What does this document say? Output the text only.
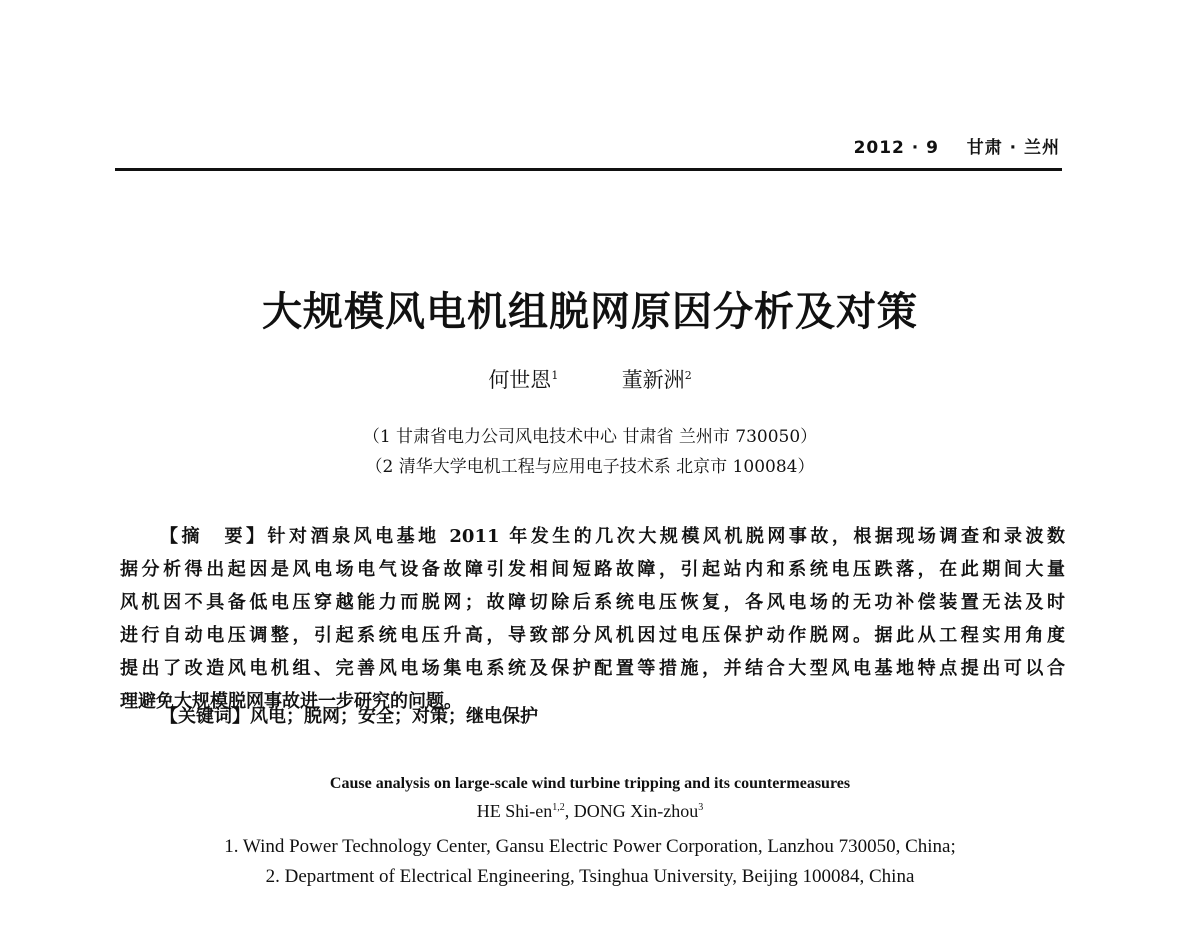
2012 · 9 甘肃 · 兰州
大规模风电机组脱网原因分析及对策
何世恩$^1$	董新洲$^2$
（1 甘肃省电力公司风电技术中心 甘肃省 兰州市 730050）
（2 清华大学电机工程与应用电子技术系 北京市 100084）
【摘　要】针对酒泉风电基地 2011 年发生的几次大规模风机脱网事故，根据现场调查和录波数
据分析得出起因是风电场电气设备故障引发相间短路故障，引起站内和系统电压跌落，在此期间大量
风机因不具备低电压穿越能力而脱网；故障切除后系统电压恢复，各风电场的无功补偿装置无法及时
进行自动电压调整，引起系统电压升高，导致部分风机因过电压保护动作脱网。据此从工程实用角度
提出了改造风电机组、完善风电场集电系统及保护配置等措施，并结合大型风电基地特点提出可以合
理避免大规模脱网事故进一步研究的问题。
【关键词】风电；脱网；安全；对策；继电保护
Cause analysis on large-scale wind turbine tripping and its countermeasures
HE Shi-en$^{1,2}$, DONG Xin-zhou$^3$
1. Wind Power Technology Center, Gansu Electric Power Corporation, Lanzhou 730050, China;
2. Department of Electrical Engineering, Tsinghua University, Beijing 100084, China
